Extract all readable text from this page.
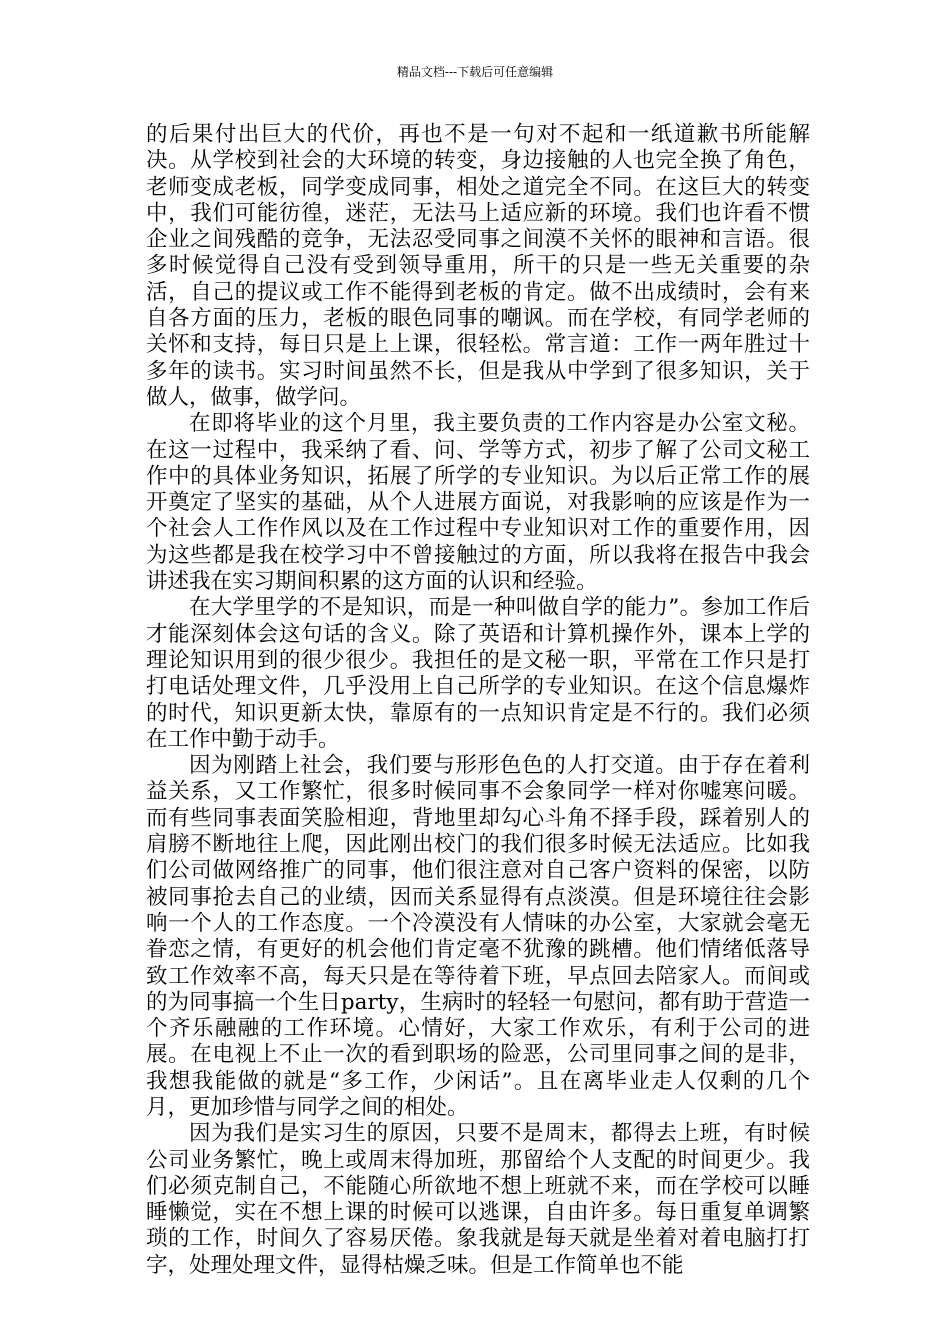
精品文档---下载后可任意编辑

的后果付出巨大的代价，再也不是一句对不起和一纸道歉书所能解决。从学校到社会的大环境的转变，身边接触的人也完全换了角色，老师变成老板，同学变成同事，相处之道完全不同。在这巨大的转变中，我们可能彷徨，迷茫，无法马上适应新的环境。我们也许看不惯企业之间残酷的竞争，无法忍受同事之间漠不关怀的眼神和言语。很多时候觉得自己没有受到领导重用，所干的只是一些无关重要的杂活，自己的提议或工作不能得到老板的肯定。做不出成绩时，会有来自各方面的压力，老板的眼色同事的嘲讽。而在学校，有同学老师的关怀和支持，每日只是上上课，很轻松。常言道：工作一两年胜过十多年的读书。实习时间虽然不长，但是我从中学到了很多知识，关于做人，做事，做学问。

在即将毕业的这个月里，我主要负责的工作内容是办公室文秘。在这一过程中，我采纳了看、问、学等方式，初步了解了公司文秘工作中的具体业务知识，拓展了所学的专业知识。为以后正常工作的展开奠定了坚实的基础，从个人进展方面说，对我影响的应该是作为一个社会人工作作风以及在工作过程中专业知识对工作的重要作用，因为这些都是我在校学习中不曾接触过的方面，所以我将在报告中我会讲述我在实习期间积累的这方面的认识和经验。

在大学里学的不是知识，而是一种叫做自学的能力”。参加工作后才能深刻体会这句话的含义。除了英语和计算机操作外，课本上学的理论知识用到的很少很少。我担任的是文秘一职，平常在工作只是打打电话处理文件，几乎没用上自己所学的专业知识。在这个信息爆炸的时代，知识更新太快，靠原有的一点知识肯定是不行的。我们必须在工作中勤于动手。

因为刚踏上社会，我们要与形形色色的人打交道。由于存在着利益关系，又工作繁忙，很多时候同事不会象同学一样对你嘘寒问暖。而有些同事表面笑脸相迎，背地里却勾心斗角不择手段，踩着别人的肩膀不断地往上爬，因此刚出校门的我们很多时候无法适应。比如我们公司做网络推广的同事，他们很注意对自己客户资料的保密，以防被同事抢去自己的业绩，因而关系显得有点淡漠。但是环境往往会影响一个人的工作态度。一个冷漠没有人情味的办公室，大家就会毫无眷恋之情，有更好的机会他们肯定毫不犹豫的跳槽。他们情绪低落导致工作效率不高，每天只是在等待着下班，早点回去陪家人。而间或的为同事搞一个生日party，生病时的轻轻一句慰问，都有助于营造一个齐乐融融的工作环境。心情好，大家工作欢乐，有利于公司的进展。在电视上不止一次的看到职场的险恶，公司里同事之间的是非，我想我能做的就是“多工作，少闲话”。且在离毕业走人仅剩的几个月，更加珍惜与同学之间的相处。

因为我们是实习生的原因，只要不是周末，都得去上班，有时候公司业务繁忙，晚上或周末得加班，那留给个人支配的时间更少。我们必须克制自己，不能随心所欲地不想上班就不来，而在学校可以睡睡懒觉，实在不想上课的时候可以逃课，自由许多。每日重复单调繁琐的工作，时间久了容易厌倦。象我就是每天就是坐着对着电脑打打字，处理处理文件，显得枯燥乏味。但是工作简单也不能
